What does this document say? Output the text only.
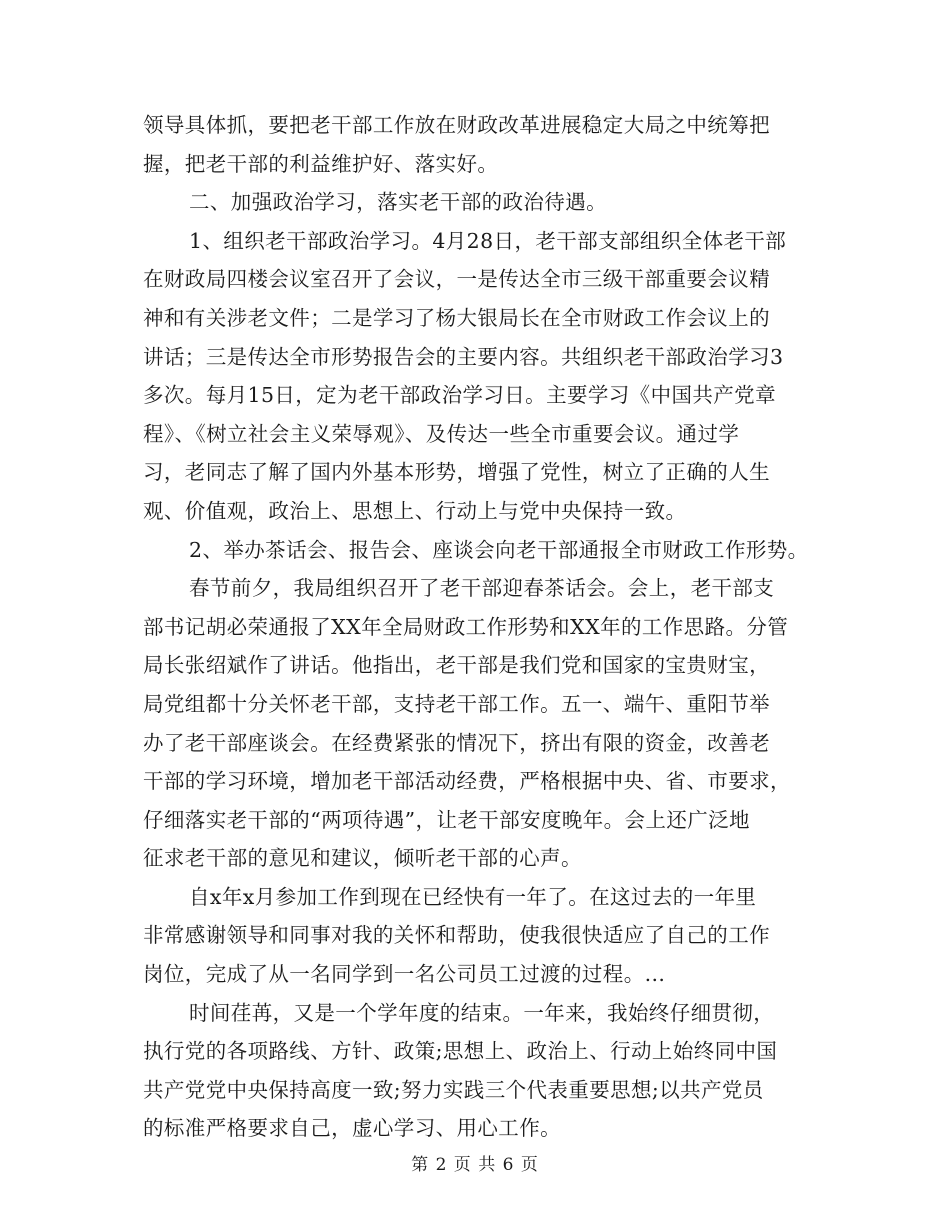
领导具体抓，要把老干部工作放在财政改革进展稳定大局之中统筹把
握，把老干部的利益维护好、落实好。
二、加强政治学习，落实老干部的政治待遇。
1、组织老干部政治学习。4月28日，老干部支部组织全体老干部
在财政局四楼会议室召开了会议，一是传达全市三级干部重要会议精
神和有关涉老文件；二是学习了杨大银局长在全市财政工作会议上的
讲话；三是传达全市形势报告会的主要内容。共组织老干部政治学习3
多次。每月15日，定为老干部政治学习日。主要学习《中国共产党章
程》、《树立社会主义荣辱观》、及传达一些全市重要会议。通过学
习，老同志了解了国内外基本形势，增强了党性，树立了正确的人生
观、价值观，政治上、思想上、行动上与党中央保持一致。
2、举办茶话会、报告会、座谈会向老干部通报全市财政工作形势。
春节前夕，我局组织召开了老干部迎春茶话会。会上，老干部支
部书记胡必荣通报了XX年全局财政工作形势和XX年的工作思路。分管
局长张绍斌作了讲话。他指出，老干部是我们党和国家的宝贵财宝，
局党组都十分关怀老干部，支持老干部工作。五一、端午、重阳节举
办了老干部座谈会。在经费紧张的情况下，挤出有限的资金，改善老
干部的学习环境，增加老干部活动经费，严格根据中央、省、市要求，
仔细落实老干部的“两项待遇”，让老干部安度晚年。会上还广泛地
征求老干部的意见和建议，倾听老干部的心声。
自x年x月参加工作到现在已经快有一年了。在这过去的一年里
非常感谢领导和同事对我的关怀和帮助，使我很快适应了自己的工作
岗位，完成了从一名同学到一名公司员工过渡的过程。...
时间荏苒，又是一个学年度的结束。一年来，我始终仔细贯彻，
执行党的各项路线、方针、政策;思想上、政治上、行动上始终同中国
共产党党中央保持高度一致;努力实践三个代表重要思想;以共产党员
的标准严格要求自己，虚心学习、用心工作。
第 2 页 共 6 页
